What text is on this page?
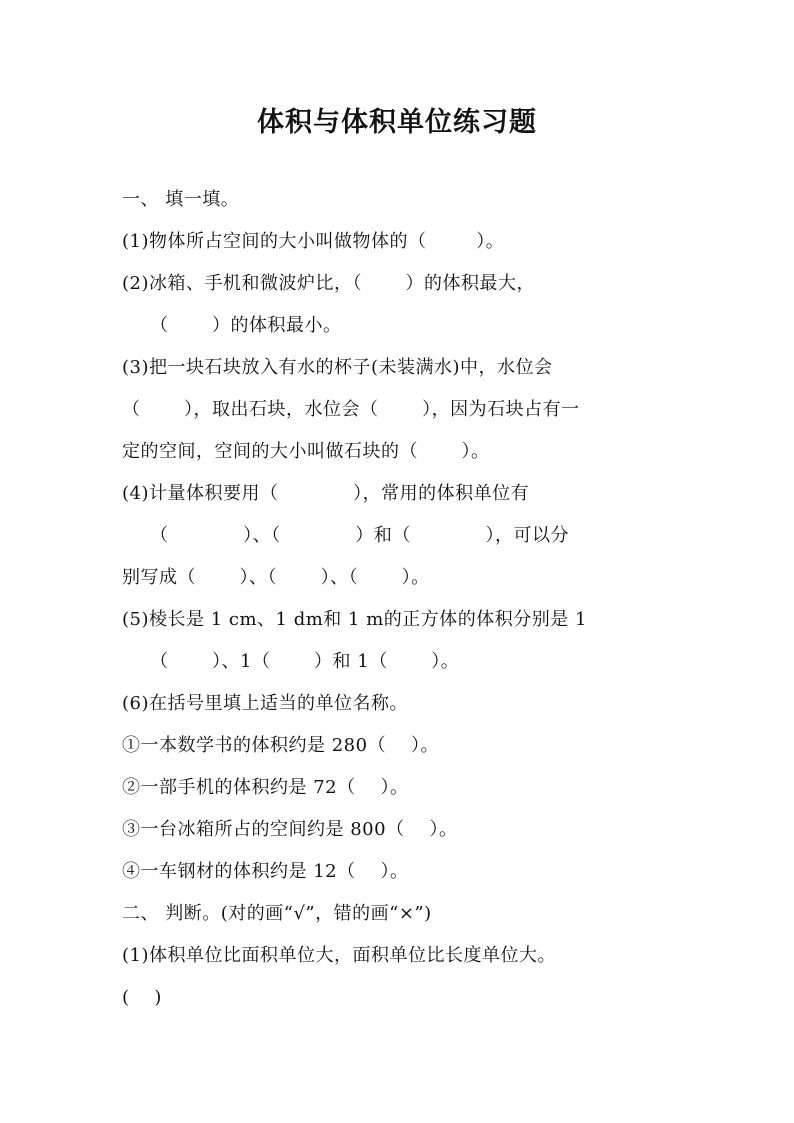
体积与体积单位练习题
一、 填一填。
(1)物体所占空间的大小叫做物体的（        ）。
(2)冰箱、手机和微波炉比，（       ）的体积最大，
（       ）的体积最小。
(3)把一块石块放入有水的杯子(未装满水)中，水位会
（       ），取出石块，水位会（       ），因为石块占有一
定的空间，空间的大小叫做石块的（       ）。
(4)计量体积要用（            ），常用的体积单位有
（            ）、（            ）和（            ），可以分
别写成（       ）、（       ）、（       ）。
(5)棱长是 1 cm、1 dm和 1 m的正方体的体积分别是 1
（       ）、1（       ）和 1（       ）。
(6)在括号里填上适当的单位名称。
①一本数学书的体积约是 280（    ）。
②一部手机的体积约是 72（    ）。
③一台冰箱所占的空间约是 800（    ）。
④一车钢材的体积约是 12（    ）。
二、 判断。(对的画“√”，错的画“×”)
(1)体积单位比面积单位大，面积单位比长度单位大。
(    )
